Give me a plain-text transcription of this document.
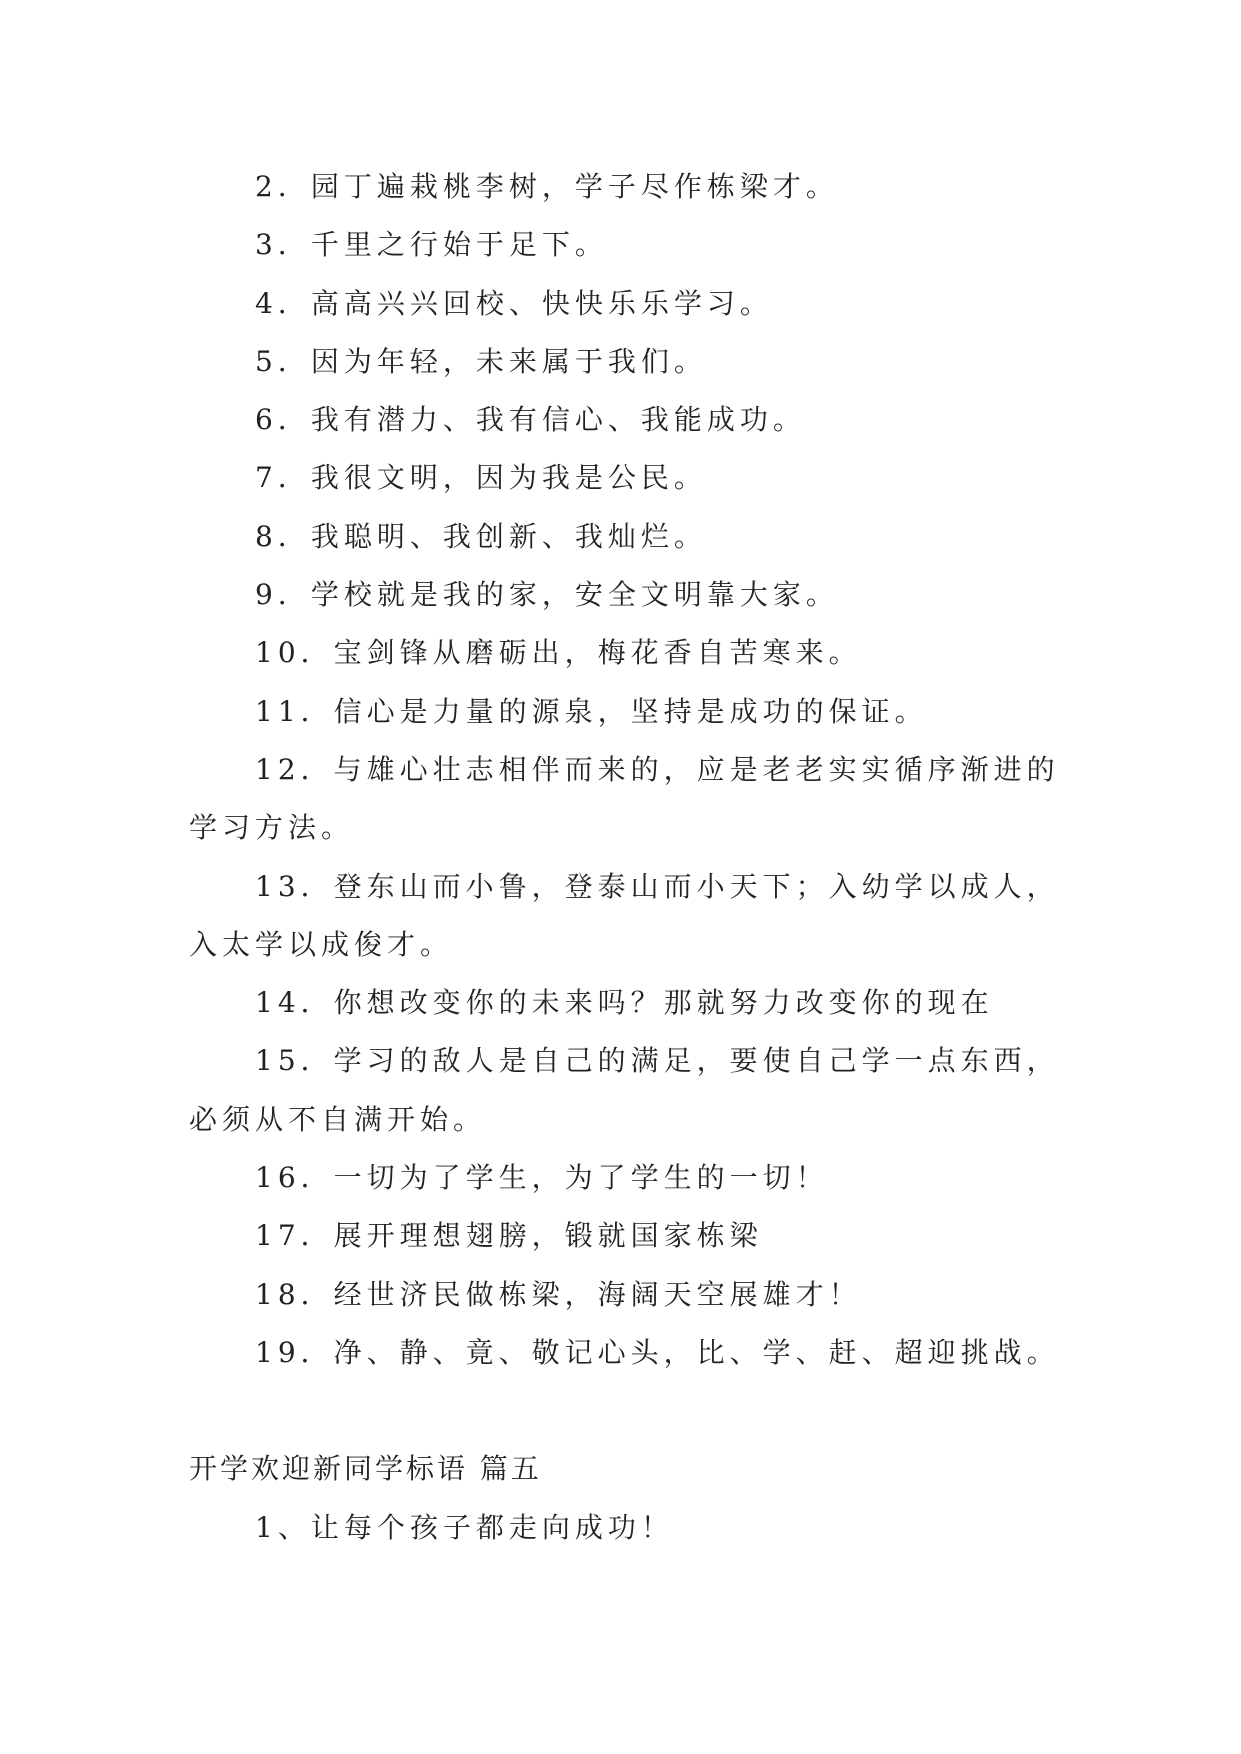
2．园丁遍栽桃李树，学子尽作栋梁才。

3．千里之行始于足下。

4．高高兴兴回校、快快乐乐学习。

5．因为年轻，未来属于我们。

6．我有潜力、我有信心、我能成功。

7．我很文明，因为我是公民。

8．我聪明、我创新、我灿烂。

9．学校就是我的家，安全文明靠大家。

10．宝剑锋从磨砺出，梅花香自苦寒来。

11．信心是力量的源泉，坚持是成功的保证。

12．与雄心壮志相伴而来的，应是老老实实循序渐进的学习方法。

13．登东山而小鲁，登泰山而小天下；入幼学以成人，入太学以成俊才。

14．你想改变你的未来吗？那就努力改变你的现在

15．学习的敌人是自己的满足，要使自己学一点东西，必须从不自满开始。

16．一切为了学生，为了学生的一切！

17．展开理想翅膀，锻就国家栋梁

18．经世济民做栋梁，海阔天空展雄才！

19．净、静、竟、敬记心头，比、学、赶、超迎挑战。

开学欢迎新同学标语 篇五

1、让每个孩子都走向成功！
